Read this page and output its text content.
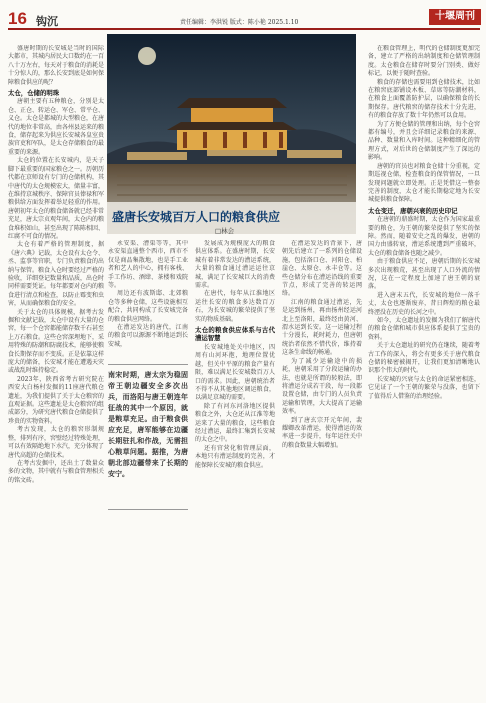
16 钩沉	责任编辑：李洪锐 版式：陈小艳 2025.1.10
十堰周刊
盛唐长安城百万人口的粮食供应
□林会

盛唐时期的长安城是当时的国际大都市，其城内居民大口数约在一百八十万左右，每天对于粮食的消耗是十分惊人的，那么长安到底是如何保障粮食供应的呢？

太仓，仓储的明珠

唐朝主要有五种粮仓，分别是太仓、正仓、转运仓、军仓、常平仓、义仓。太仓是都城的大型粮仓，在唐代的地位非常高，由各州县运来的粮食，储存起来为供应长安城各皇室贵族官吏和军队，是太仓存储粮食的最重要的来源。

太仓的位置在长安城内，是天子脚下最重要的国家粮仓之一。历朝历代都在京师设有专门的仓储机构，其中唐代的太仓规模宏大，储量丰富，在维持京城秩序、保障官员俸禄和军粮供给方面发挥着举足轻重的作用。唐朝初年太仓的粮食储备就已经非常充足，唐太宗贞观年间，太仓内的粮食堆积如山，甚至出现了陈陈相因、红腐不可食的情况。

太仓有着严格的管理制度，据《唐六典》记载，太仓设有太仓令、丞、监事等官职，专门负责粮食的出纳与保管。粮食入仓时要经过严格的验收，详细登记数量和品质，出仓时同样需要凭证。每年都要对仓内的粮食进行清点和检查，以防止霉变和虫害，从而确保粮食的安全。

关于太仓的具体规模，据考古发掘和文献记载，太仓中设有大量的仓窖，每一个仓窖都能储存数千石甚至上万石粮食。这些仓窖深埋地下，采用特殊的防潮和防腐技术，能够使粮食长期保存而不变质。正是依靠这样庞大的储备，长安城才能在遭遇天灾或战乱时维持稳定。

2023年，陕西省考古研究院在西安大白杨村发掘的11座唐代粮仓遗址，为我们提供了关于太仓粮窖的直观证据。这些遗址是太仓粮窖的组成部分，为研究唐代粮食仓储提供了珍贵的实物资料。

考古发现，太仓的粮窖形制规整，排列有序，窖壁经过特殊处理，可以有效隔绝地下水汽，充分体现了唐代高超的仓储技术。

在考古发掘中，还出土了数量众多的文物，其中就有与粮食管理相关的铭文砖。

永安渠、漕渠等等，其中永安渠直通整个西市，西市不仅是商品集散地，也是手工业者和艺人的中心，拥有客栈、手工作坊、酒肆、茶楼和戏院等。

周边还有波斯邸、北郊粮仓等多种仓储，这些设施相互配合，共同构成了长安城完备的粮食供应网络。

在漕运发达的唐代，江南的粮食可以源源不断地运到长安城，

发展成为规模庞大的粮食供应体系。在盛唐时期，长安城有着非常发达的漕运系统，大量的粮食通过漕运运往京城，满足了长安城巨大的消费需求。

在唐代，每年从江淮地区运往长安的粮食多达数百万石，为长安城的繁荣提供了坚实的物质基础。

太仓的粮食供应体系与古代漕运智慧

长安城地处关中地区，四周有山河环抱，地理位置优越，但关中平原的粮食产量有限，难以满足长安城数百万人口的需求。因此，唐朝统治者不得不从其他地区调运粮食，以满足京城的需要。

除了有河东河洛地区提供粮食之外，大仓还从江淮等地运来了大量的粮食，这些粮食经过漕运，最终汇集到长安城的太仓之中。

还有官营化和管理层面，本地只有漕运制度的完善，才能保障长安城的粮食供应。

在漕运发达的背景下，唐朝先后建立了一系列的仓储设施，包括洛口仓、河阳仓、柏崖仓、太原仓、永丰仓等。这些仓储分布在漕运沿线的重要节点，形成了完善的转运网络。

江南的粮食通过漕运，先是运到扬州，再由扬州经运河北上至洛阳，最终经由黄河、渭水运到长安。这一运输过程十分漫长，耗时耗力，但唐朝统治者依然不惜代价，维持着这条生命线的畅通。

为了减少运输途中的损耗，唐朝采用了分段运输的办法，也就是所谓的转般法，即将漕运分成若干段，每一段都设置仓储，由专门的人员负责运输和管理，大大提高了运输效率。

到了唐玄宗开元年间，裴耀卿改革漕运，使得漕运的效率进一步提升，每年运往关中的粮食数量大幅增加。

在粮食管理上，明代的仓储制度更加完备，建立了严格的出纳制度和仓储管理制度。太仓粮食在储存时要分门别类、做好标记，以便于随时查验。

粮食的存储也需要用到仓储技术，比如在粮窖底部铺设木板、草席等防潮材料，在粮食上面覆盖防护层，以确保粮食的长期保存。唐代粮窖的储存技术十分先进，有的粮食存放了数十年仍然可以食用。

为了方便仓储的管理和出纳，每个仓窖都有编号，并且会详细记录粮食的来源、品种、数量和入库时间。这种精细化的管理方式，对后世的仓储制度产生了深远的影响。

唐朝的官员也对粮食仓储十分重视，定期巡视仓储，检查粮食的保管情况，一旦发现问题就立即处理。正是凭借这一整套完善的制度，太仓才能长期稳定地为长安城提供粮食保障。

太仓变迁，唐朝兴衰的历史印记

在唐朝的鼎盛时期，太仓作为国家最重要的粮仓，为王朝的繁荣提供了坚实的保障。然而，随着安史之乱的爆发，唐朝的国力由盛转衰，漕运系统遭到严重破坏，太仓的粮食储备也随之减少。

由于粮食供应不足，唐朝后期的长安城多次出现粮荒，甚至出现了人口外流的情况，这在一定程度上加速了唐王朝的衰落。

进入唐末五代，长安城的地位一落千丈，太仓也逐渐废弃，昔日辉煌的粮仓最终湮没在历史的长河之中。

如今，太仓遗址的发掘为我们了解唐代的粮食仓储和城市供应体系提供了宝贵的资料。

关于太仓遗址的研究仍在继续，随着考古工作的深入，将会有更多关于唐代粮食仓储的秘密被揭开，让我们更加清晰地认识那个伟大的时代。

长安城的兴衰与太仓的命运紧密相连，它见证了一个王朝的繁荣与没落，也留下了值得后人借鉴的治理经验。

南宋时期，唐太宗为稳固帝王朝边疆安全多次出兵，而洛阳与唐王朝连年征战的其中一个原因，就是粮草充足。由于粮食供应充足，唐军能够在边疆长期驻扎和作战，无需担心粮草问题。据推，为唐朝北部边疆带来了长期的安宁。
